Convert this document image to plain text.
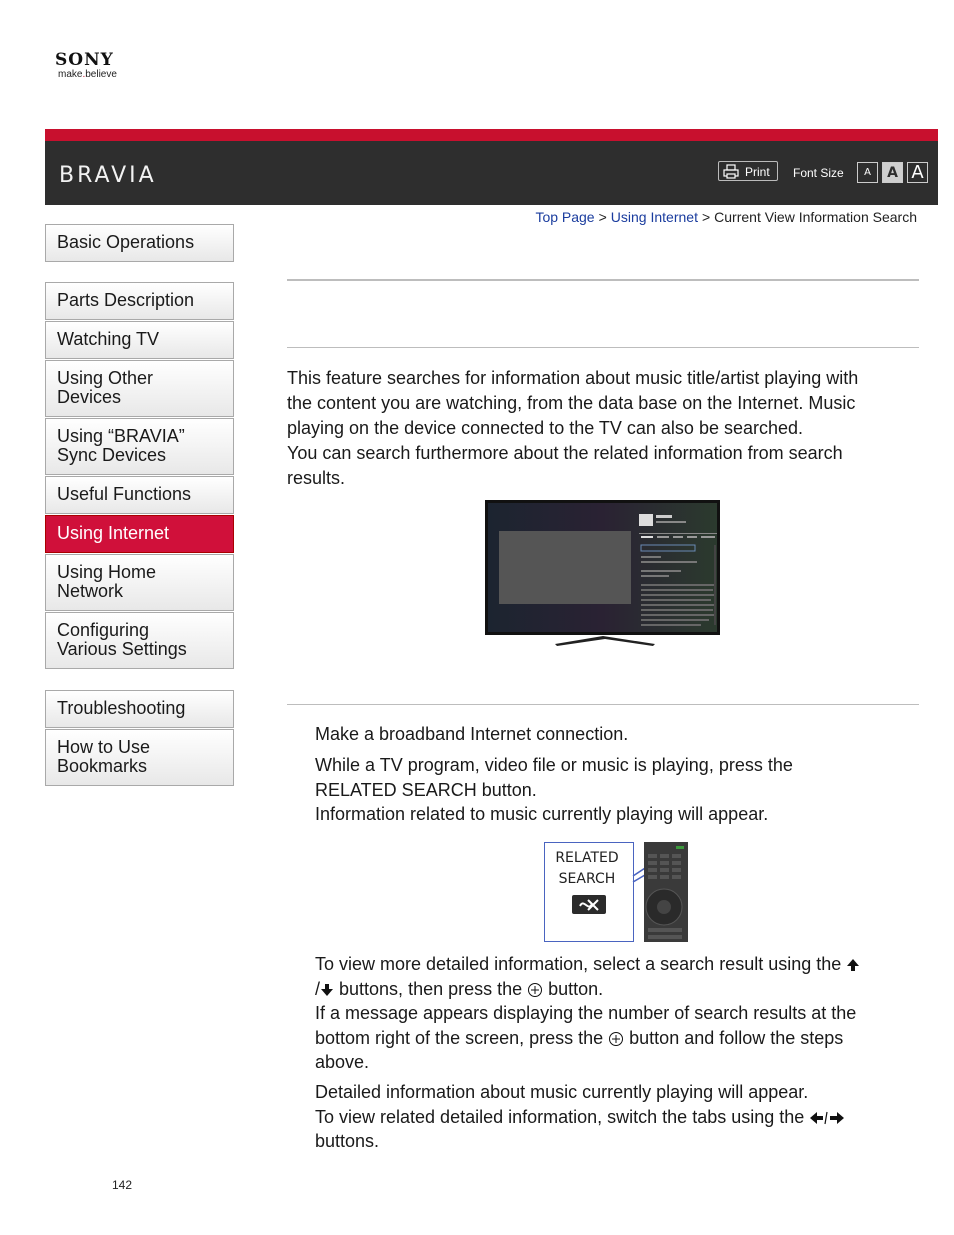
SONY
make.believe
BRAVIA	Print	Font Size	A	A A
Top Page > Using Internet > Current View Information Search
Basic Operations
Parts Description
Watching TV
Using Other Devices
Using “BRAVIA” Sync Devices
Useful Functions
Using Internet
Using Home Network
Configuring Various Settings
Troubleshooting
How to Use Bookmarks
This feature searches for information about music title/artist playing with
the content you are watching, from the data base on the Internet. Music
playing on the device connected to the TV can also be searched.
You can search furthermore about the related information from search
results.
Make a broadband Internet connection.
While a TV program, video file or music is playing, press the
RELATED SEARCH button.
Information related to music currently playing will appear.
RELATED
SEARCH
To view more detailed information, select a search result using the
/ buttons, then press the  button.
If a message appears displaying the number of search results at the
bottom right of the screen, press the  button and follow the steps
above.
Detailed information about music currently playing will appear.
To view related detailed information, switch the tabs using the
buttons.
142
